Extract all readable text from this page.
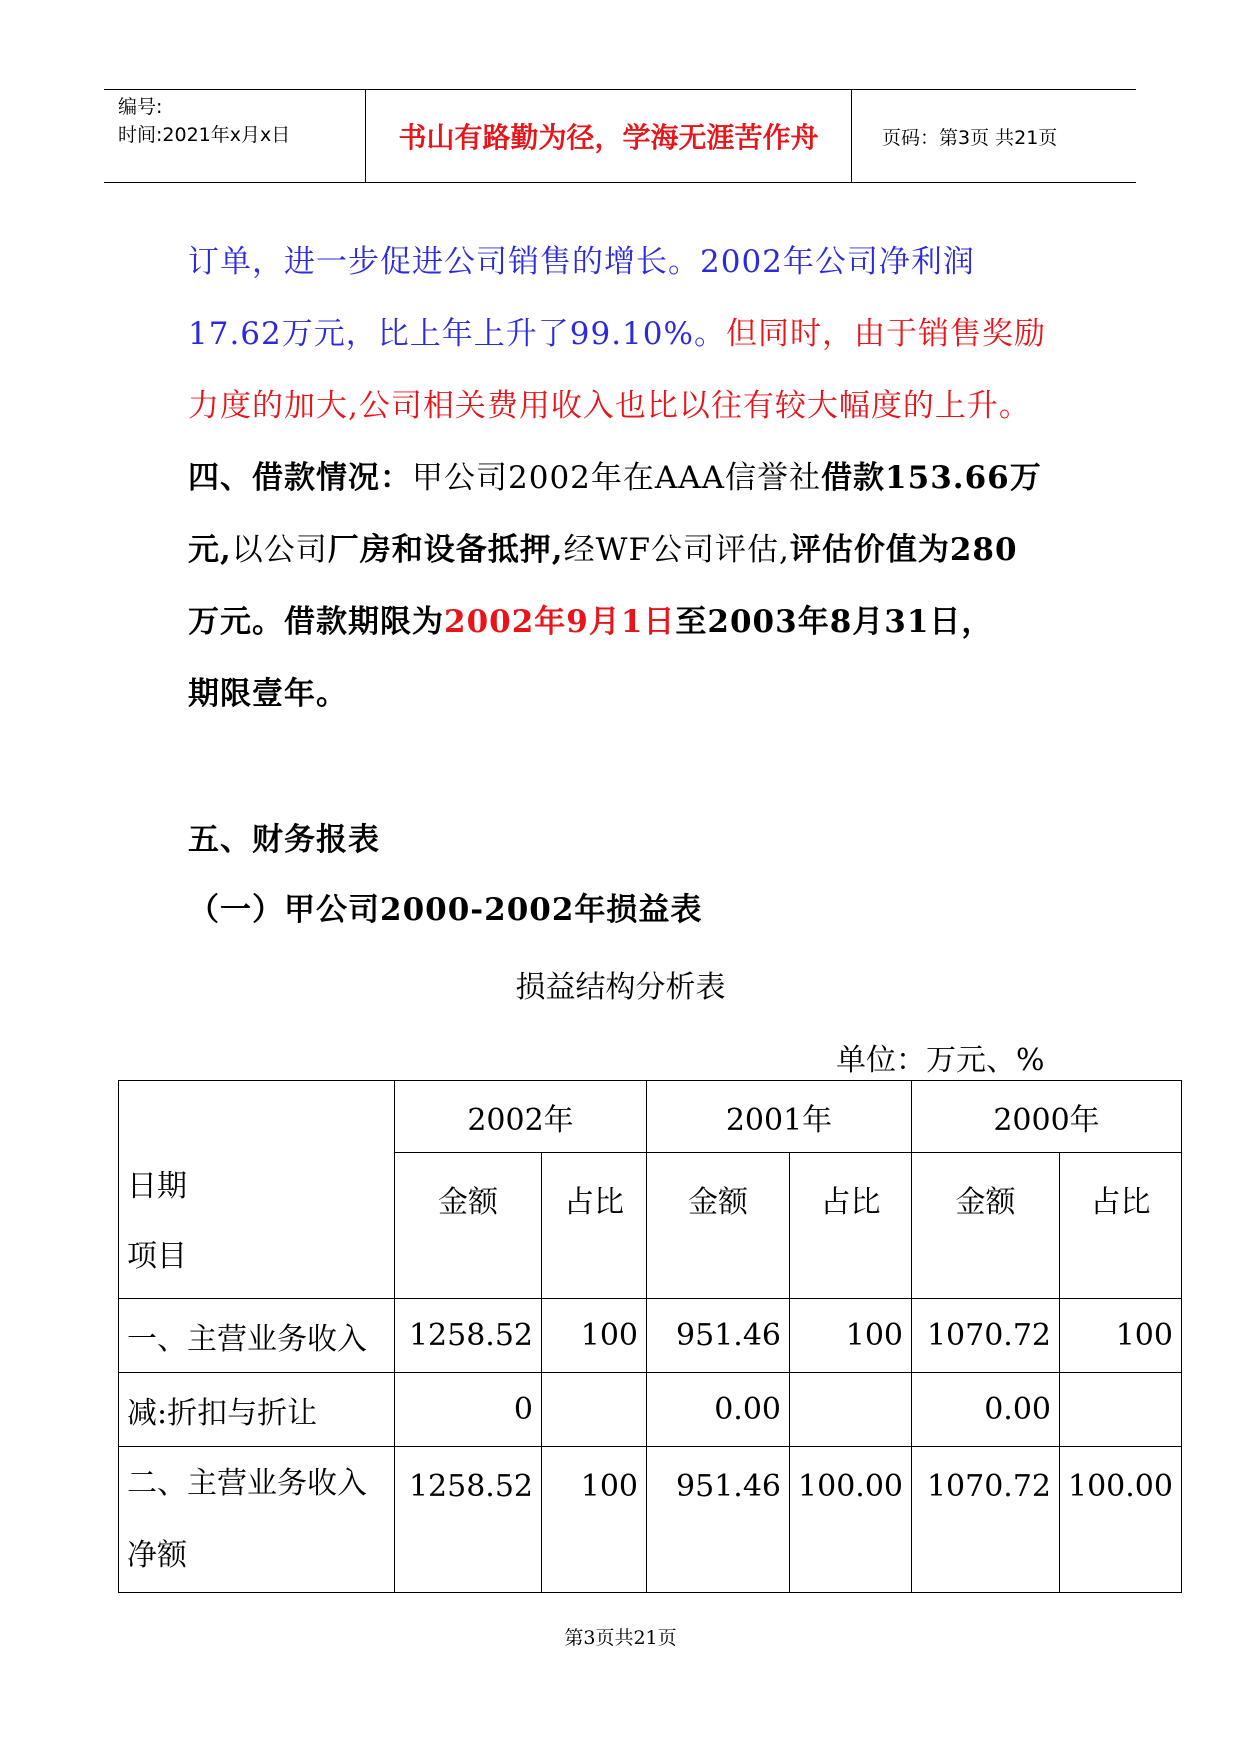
编号:
时间:2021年x月x日	书山有路勤为径，学海无涯苦作舟	页码：第3页 共21页
订单，进一步促进公司销售的增长。2002年公司净利润
17.62万元，比上年上升了99.10%。但同时，由于销售奖励
力度的加大,公司相关费用收入也比以往有较大幅度的上升。
四、借款情况：甲公司2002年在AAA信誉社借款153.66万
元,以公司厂房和设备抵押,经WF公司评估,评估价值为280
万元。借款期限为2002年9月1日至2003年8月31日，
期限壹年。
五、财务报表
（一）甲公司2000-2002年损益表
损益结构分析表
单位：万元、%
日期
项目	2002年		2001年		2000年	
	金额	占比	金额	占比	金额	占比
一、主营业务收入	1258.52	100	951.46	100	1070.72	100
减:折扣与折让	0		0.00		0.00	
二、主营业务收入净额	1258.52	100	951.46	100.00	1070.72	100.00
第3页共21页
